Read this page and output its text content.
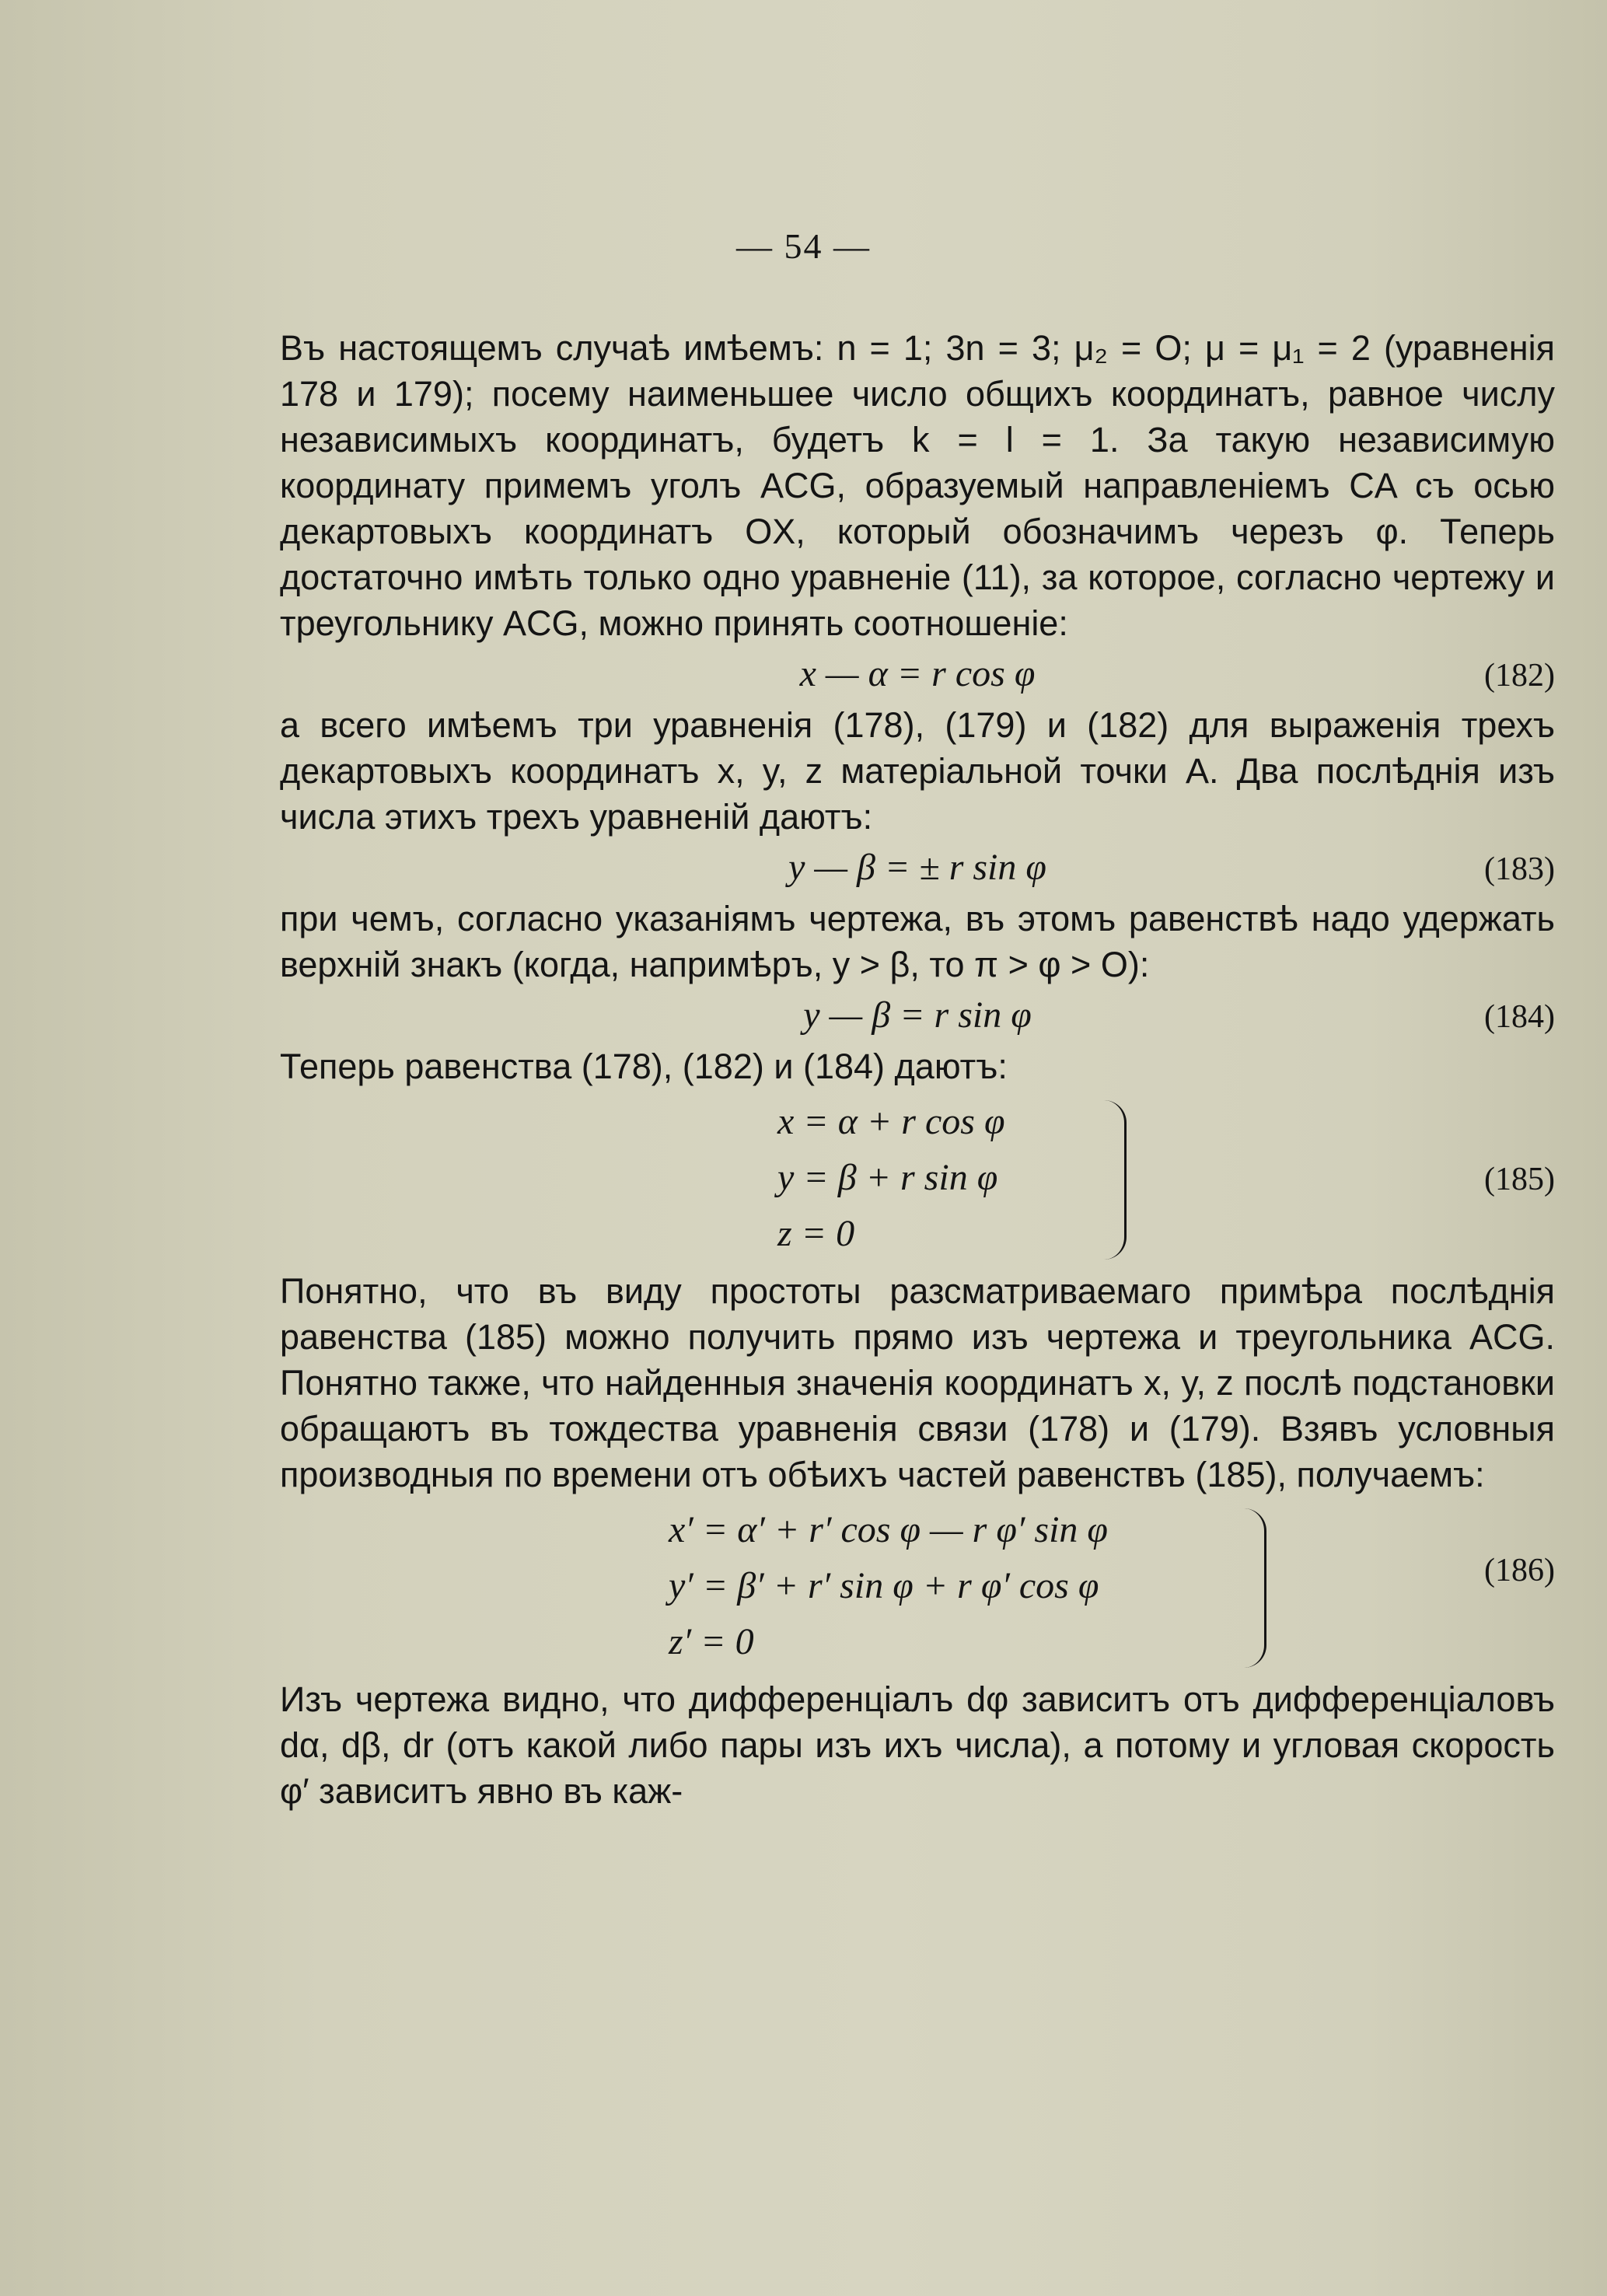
— 54 —

Въ настоящемъ случаѣ имѣемъ: n = 1; 3n = 3; μ₂ = O; μ = μ₁ = 2 (уравненія 178 и 179); посему наименьшее число общихъ координатъ, равное числу независимыхъ координатъ, будетъ k = l = 1. За такую независимую координату примемъ уголъ ACG, образуемый направленіемъ CA съ осью декартовыхъ координатъ OX, который обозначимъ черезъ φ. Теперь достаточно имѣть только одно уравненіе (11), за которое, согласно чертежу и треугольнику ACG, можно принять соотношеніе:

x — α = r cos φ	(182)

а всего имѣемъ три уравненія (178), (179) и (182) для выраженія трехъ декартовыхъ координатъ x, y, z матеріальной точки A. Два послѣднія изъ числа этихъ трехъ уравненій даютъ:

y — β = ± r sin φ	(183)

при чемъ, согласно указаніямъ чертежа, въ этомъ равенствѣ надо удержать верхній знакъ (когда, напримѣръ, y > β, то π > φ > O):

y — β = r sin φ	(184)

Теперь равенства (178), (182) и (184) даютъ:

x = α + r cos φ
y = β + r sin φ
z = 0
(185)

Понятно, что въ виду простоты разсматриваемаго примѣра послѣднія равенства (185) можно получить прямо изъ чертежа и треугольника ACG. Понятно также, что найденныя значенія координатъ x, y, z послѣ подстановки обращаютъ въ тождества уравненія связи (178) и (179). Взявъ условныя производныя по времени отъ обѣихъ частей равенствъ (185), получаемъ:

x′ = α′ + r′ cos φ — r φ′ sin φ
y′ = β′ + r′ sin φ + r φ′ cos φ
z′ = 0
(186)

Изъ чертежа видно, что дифференціалъ dφ зависитъ отъ дифференціаловъ dα, dβ, dr (отъ какой либо пары изъ ихъ числа), а потому и угловая скорость φ′ зависитъ явно въ каж-
